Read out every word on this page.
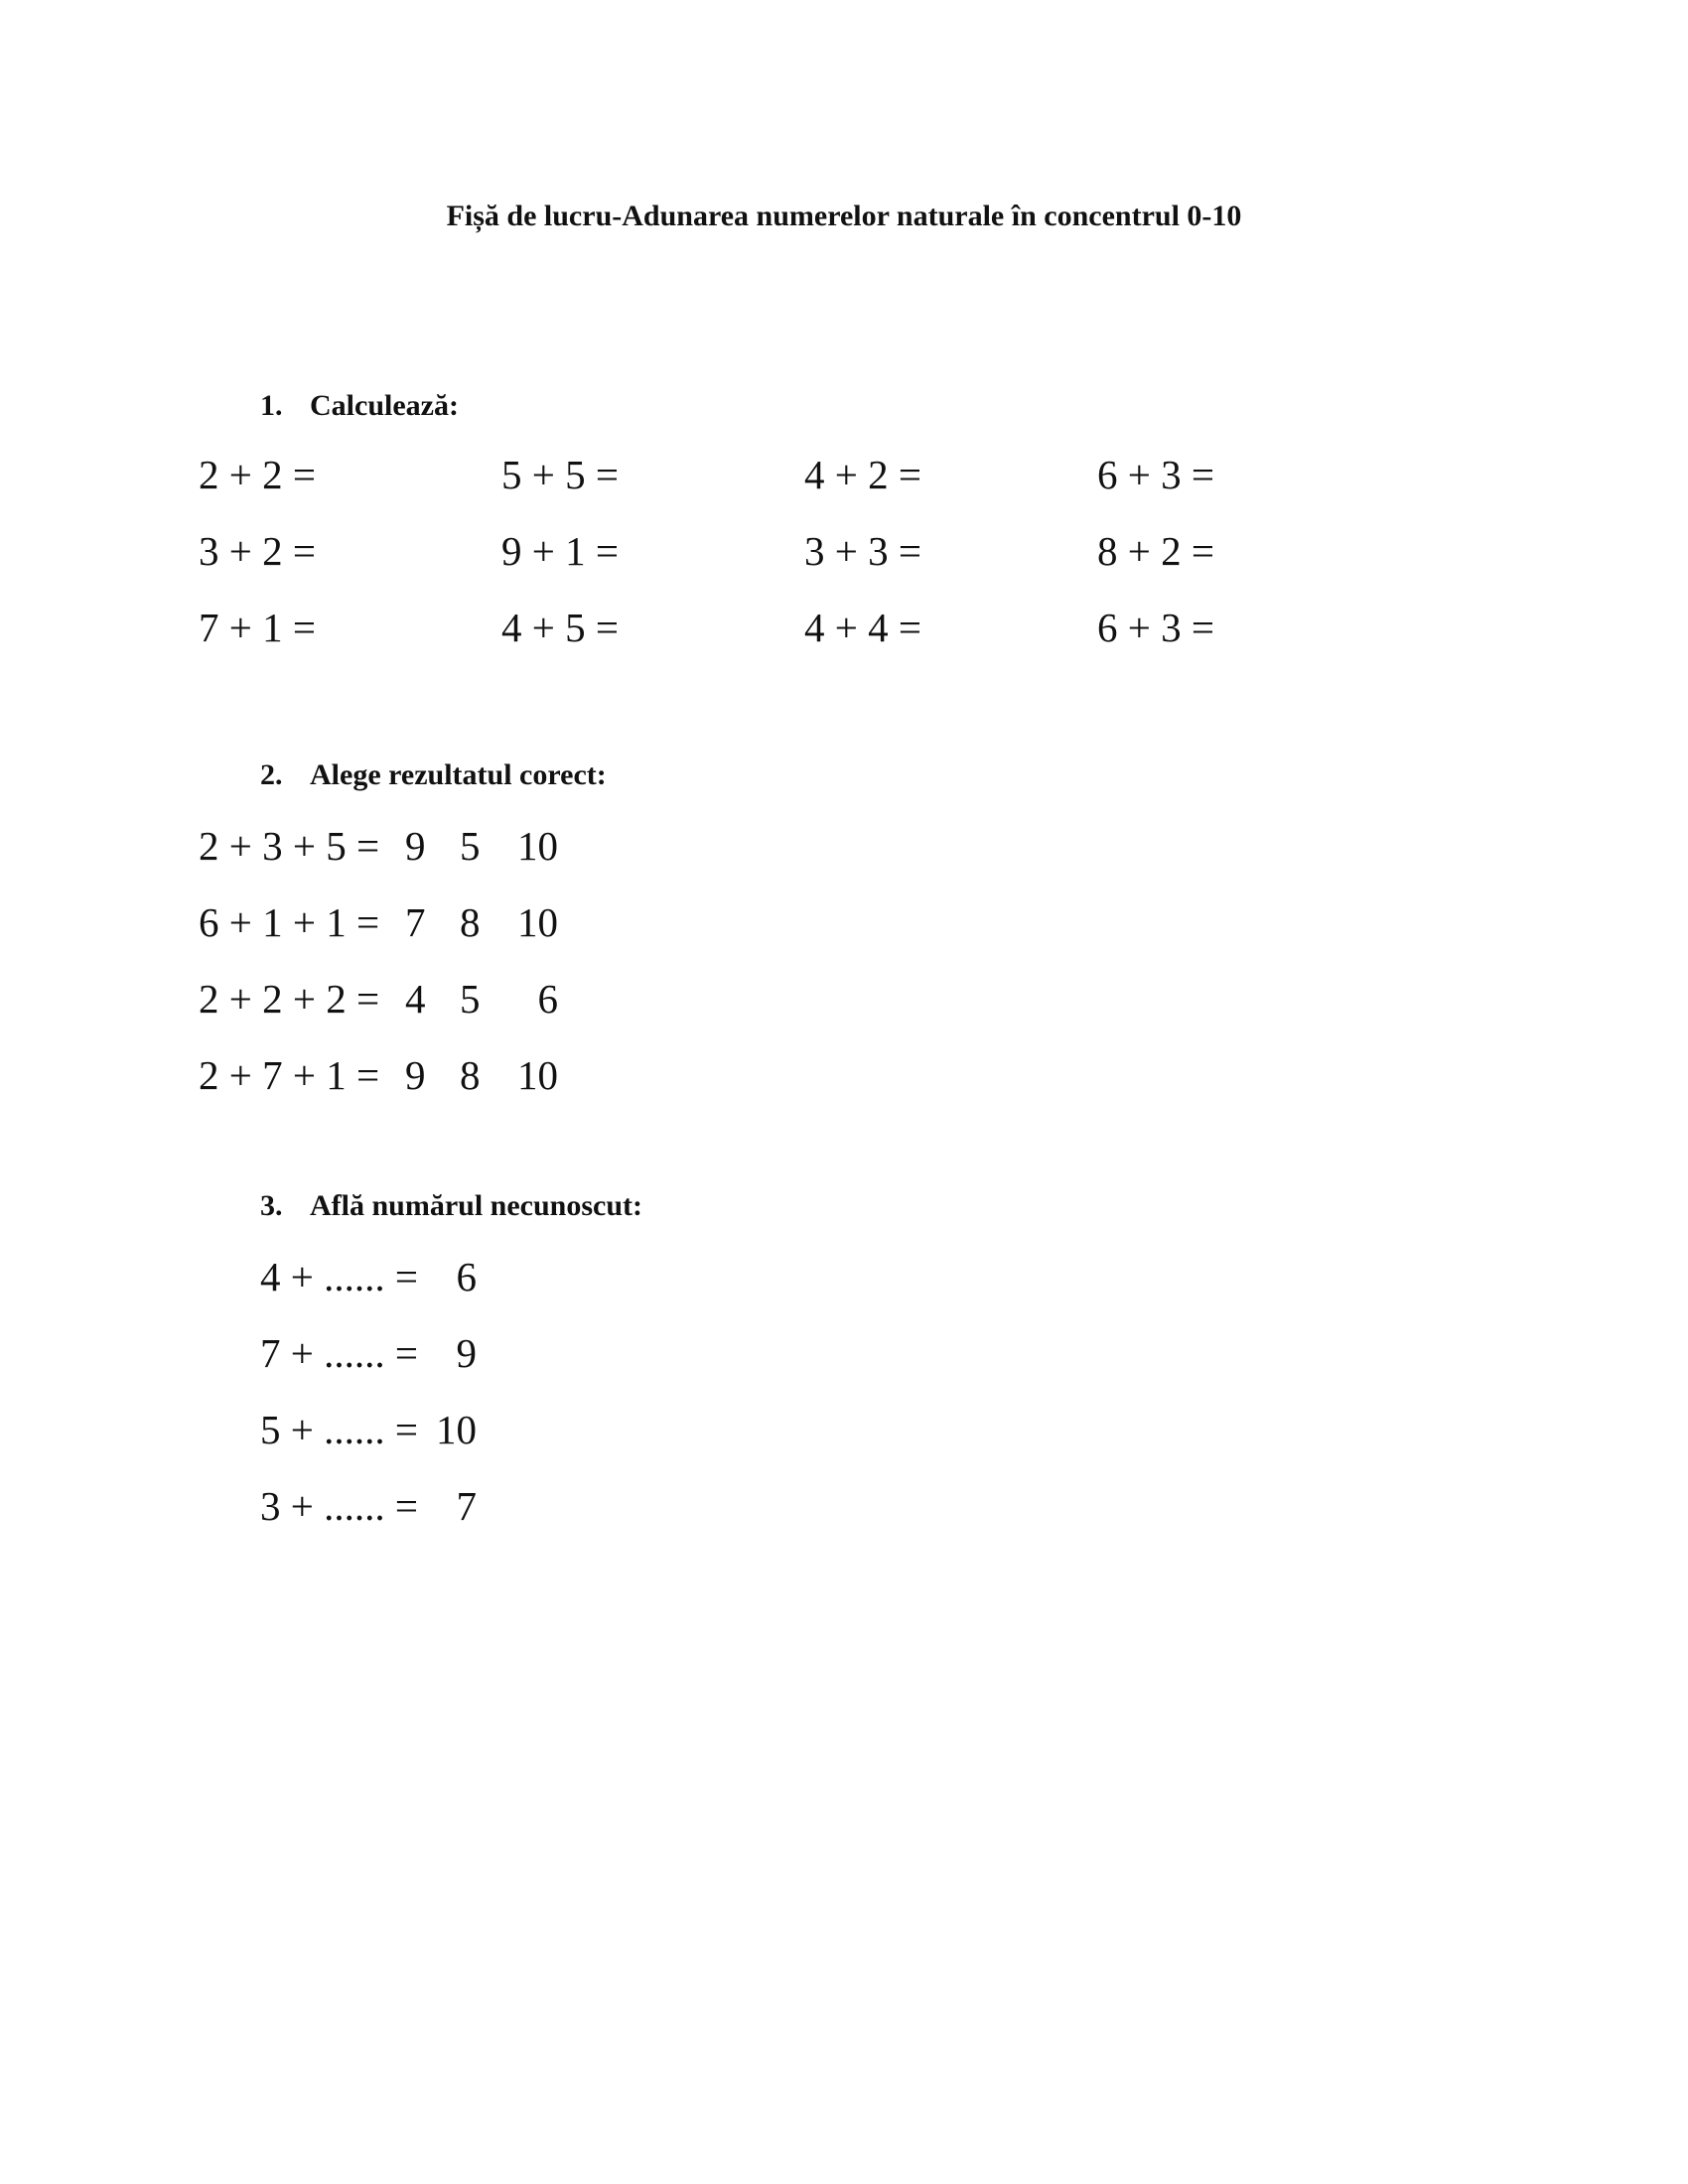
Fișă de lucru-Adunarea numerelor naturale în concentrul 0-10
1. Calculează:
2 + 2 =	5 + 5 =	4 + 2 =	6 + 3 =
3 + 2 =	9 + 1 =	3 + 3 =	8 + 2 =
7 + 1 =	4 + 5 =	4 + 4 =	6 + 3 =
2. Alege rezultatul corect:
2 + 3 + 5 = 9 5 10
6 + 1 + 1 = 7 8 10
2 + 2 + 2 = 4 5	6
2 + 7 + 1 = 9 8 10
3. Află numărul necunoscut:
4 + ...... = 6
7 + ...... = 9
5 + ...... = 10
3 + ...... = 7
